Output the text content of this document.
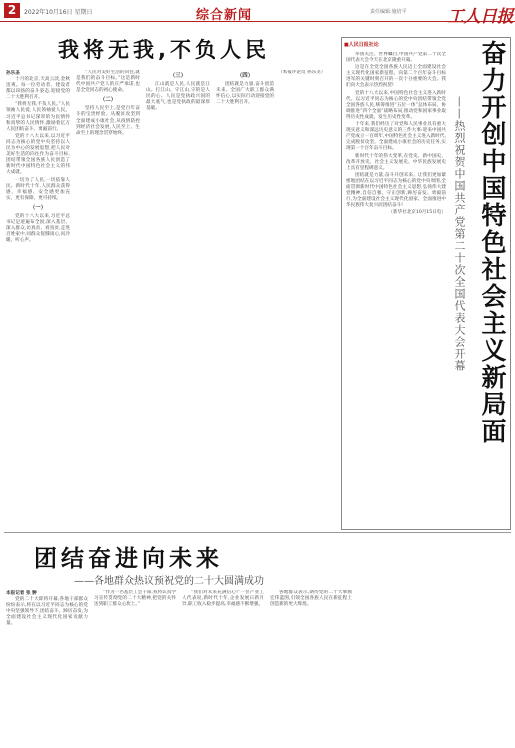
2	2022年10月16日 星期日	综合新闻	责任编辑:施培平 工人日报
我将无我,不负人民
孙乐圣

十月的北京,天高云淡,金秋送爽。每一位劳动者、建设者都以昂扬的奋斗姿态,迎接党的二十大胜利召开。

“我将无我,不负人民。”人民领袖人民爱,人民领袖爱人民。习近平总书记深厚的为民情怀和真挚的人民情怀,激励着亿万人民团结奋斗、勇毅前行。

党的十八大以来,以习近平同志为核心的党中央坚持以人民为中心的发展思想,把人民对美好生活的向往作为奋斗目标,团结带领全国各族人民创造了新时代中国特色社会主义的伟大成就。

一切为了人民,一切依靠人民。新时代十年,人民群众获得感、幸福感、安全感更加充实、更有保障、更可持续。

（一）

党的十八大以来,习近平总书记足迹遍布全国,深入基层、深入群众,访真贫、看真贫,走进百姓家中,同群众促膝谈心,问冷暖、听心声。

“人民对美好生活的向往,就是我们的奋斗目标。”这是新时代中国共产党人的庄严承诺,也是全党同志的初心使命。

（二）

坚持人民至上,是党百年奋斗的宝贵经验。从脱贫攻坚到全面建成小康社会,从疫情防控到经济社会发展,人民至上、生命至上的理念贯穿始终。

（三）

江山就是人民,人民就是江山。打江山、守江山,守的是人民的心。人民是党执政兴国的最大底气,也是党执政的最深厚基础。

（四）

团结就是力量,奋斗创造未来。全国广大职工群众满怀信心,以实际行动迎接党的二十大胜利召开。

（本报评论员 孙乐圣）

■人民日报社论	奋力开创中国特色社会主义新局面
——热烈祝贺中国共产党第二十次全国代表大会开幕

举国关注、世界瞩目,中国共产党第二十次全国代表大会今天在北京隆重开幕。

这是在全党全国各族人民迈上全面建设社会主义现代化国家新征程、向第二个百年奋斗目标进军的关键时刻召开的一次十分重要的大会。我们向大会表示热烈祝贺!

党的十八大以来,中国特色社会主义进入新时代。以习近平同志为核心的党中央团结带领全党全国各族人民,统筹推进“五位一体”总体布局、协调推进“四个全面”战略布局,推动党和国家事业取得历史性成就、发生历史性变革。

十年来,我们经历了对党和人民事业具有重大现实意义和深远历史意义的三件大事:迎来中国共产党成立一百周年,中国特色社会主义进入新时代,完成脱贫攻坚、全面建成小康社会的历史任务,实现第一个百年奋斗目标。

新时代十年的伟大变革,在党史、新中国史、改革开放史、社会主义发展史、中华民族发展史上具有里程碑意义。

团结就是力量,奋斗开创未来。让我们更加紧密地团结在以习近平同志为核心的党中央周围,全面贯彻新时代中国特色社会主义思想,弘扬伟大建党精神,自信自强、守正创新,踔厉奋发、勇毅前行,为全面建设社会主义现代化国家、全面推进中华民族伟大复兴而团结奋斗!

（新华社北京10月15日电）

团结奋进向未来
——各地群众热议预祝党的二十大圆满成功
本报记者 张 翀

党的二十大即将开幕,各地干部群众纷纷表示,将在以习近平同志为核心的党中央坚强领导下,团结奋斗、踔厉奋发,为全面建设社会主义现代化国家贡献力量。

“作为一名基层工会干部,我将认真学习宣传贯彻党的二十大精神,把党的关怀送到职工群众心坎上。”

“我们对未来充满信心!”一位产业工人代表说,新时代十年,企业发展日新月异,职工收入稳步提高,幸福感不断增强。

各地群众表示,期待党的二十大擘画宏伟蓝图,引领全国各族人民在新征程上创造新的更大辉煌。
